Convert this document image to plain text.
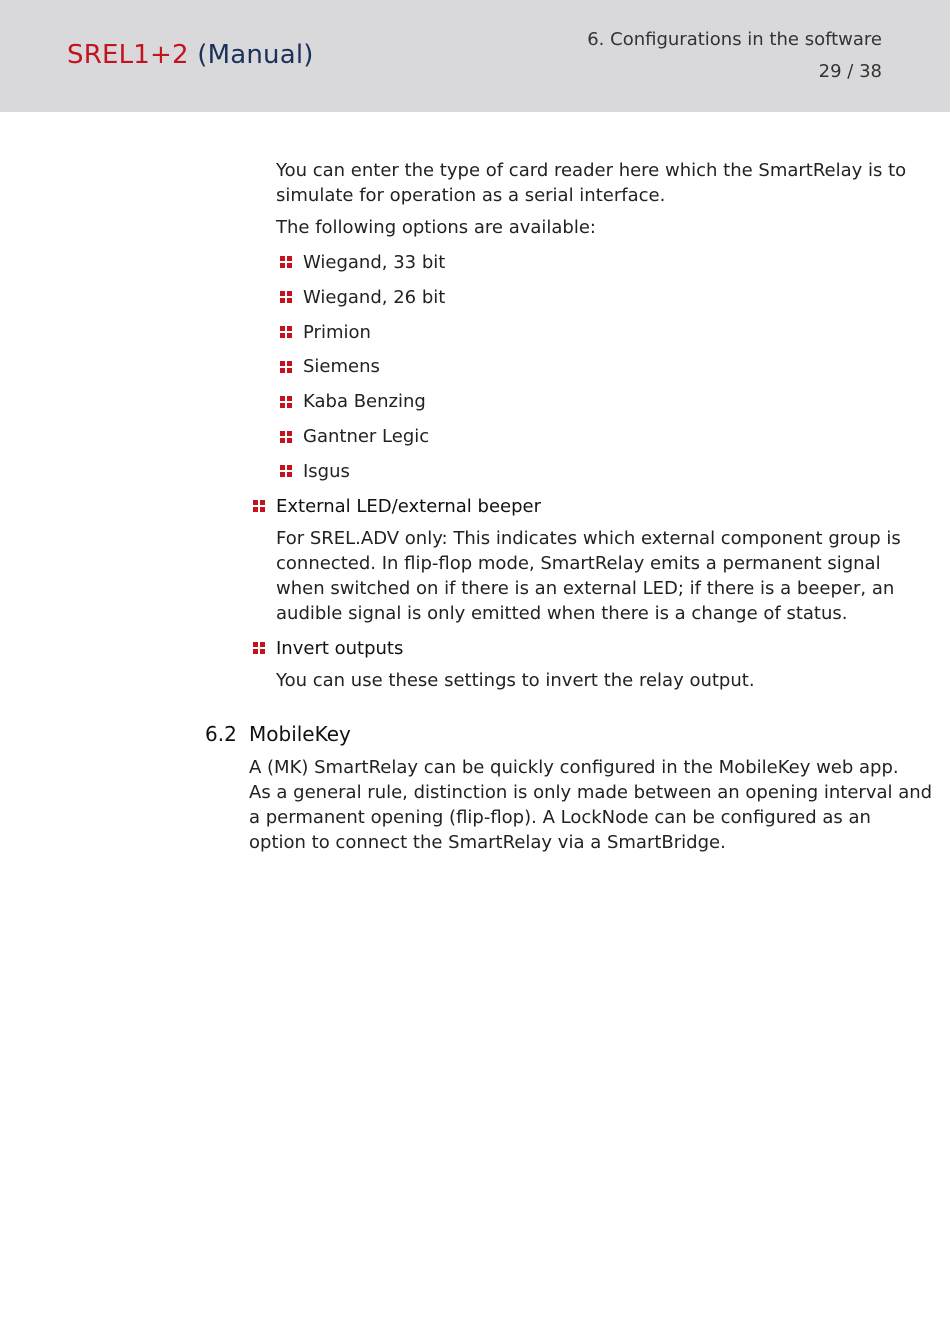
SREL1+2 (Manual)
6. Configurations in the software
29 / 38
You can enter the type of card reader here which the SmartRelay is to
simulate for operation as a serial interface.
The following options are available:
Wiegand, 33 bit
Wiegand, 26 bit
Primion
Siemens
Kaba Benzing
Gantner Legic
Isgus
External LED/external beeper
For SREL.ADV only: This indicates which external component group is
connected. In flip-flop mode, SmartRelay emits a permanent signal
when switched on if there is an external LED; if there is a beeper, an
audible signal is only emitted when there is a change of status.
Invert outputs
You can use these settings to invert the relay output.
6.2 MobileKey
A (MK) SmartRelay can be quickly configured in the MobileKey web app.
As a general rule, distinction is only made between an opening interval and
a permanent opening (flip-flop). A LockNode can be configured as an
option to connect the SmartRelay via a SmartBridge.
